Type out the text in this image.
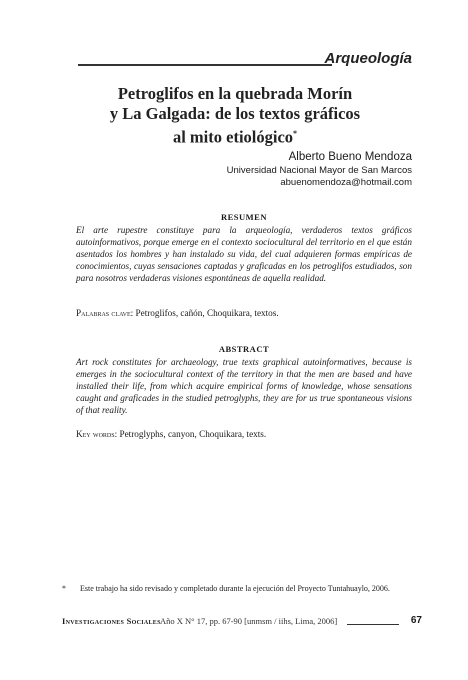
Arqueología
Petroglifos en la quebrada Morín
y La Galgada: de los textos gráficos
al mito etiológico*
Alberto Bueno Mendoza
Universidad Nacional Mayor de San Marcos
abuenomendoza@hotmail.com
RESUMEN
El arte rupestre constituye para la arqueología, verdaderos textos gráficos autoinformativos, porque emerge en el contexto sociocultural del territorio en el que están asentados los hombres y han instalado su vida, del cual adquieren formas empíricas de conocimientos, cuyas sensaciones captadas y graficadas en los petroglifos estudiados, son para nosotros verdaderas visiones espontáneas de aquella realidad.
Palabras clave: Petroglifos, cañón, Choquikara, textos.
ABSTRACT
Art rock constitutes for archaeology, true texts graphical autoinformatives, because is emerges in the sociocultural context of the territory in that the men are based and have installed their life, from which acquire empirical forms of knowledge, whose sensations caught and graficades in the studied petroglyphs, they are for us true spontaneous visions of that reality.
Key words: Petroglyphs, canyon, Choquikara, texts.
* Este trabajo ha sido revisado y completado durante la ejecución del Proyecto Tuntahuaylo, 2006.
Investigaciones Sociales Año X N° 17, pp. 67-90 [unmsm / iihs, Lima, 2006]	67
